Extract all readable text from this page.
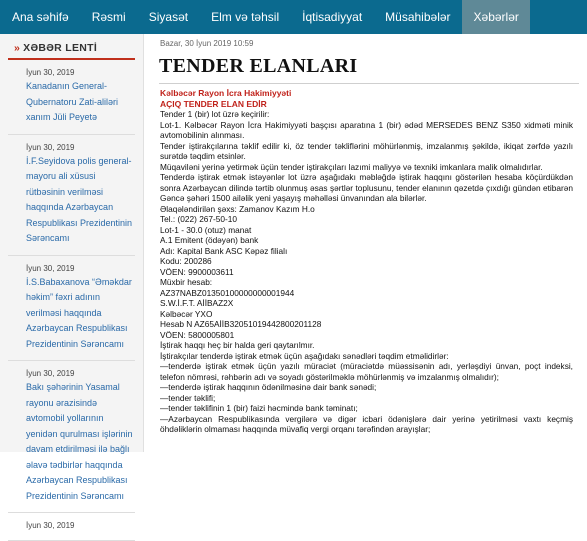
Ana səhifə	Rəsmi	Siyasət	Elm və təhsil	İqtisadiyyat	Müsahibələr	Xəbərlər
» XƏBƏR LENTİ
İyun 30, 2019
Kanadanın General-Qubernatoru Zati-aliləri xanım Jüli Peyetə
İyun 30, 2019
İ.F.Seyidova polis general-mayoru ali xüsusi rütbəsinin verilməsi haqqında Azərbaycan Respublikası Prezidentinin Sərəncamı
İyun 30, 2019
İ.S.Babaxanova “Əməkdar həkim” fəxri adının verilməsi haqqında Azərbaycan Respublikası Prezidentinin Sərəncamı
İyun 30, 2019
Bakı şəhərinin Yasamal rayonu ərazisində avtomobil yollarının yenidən qurulması işlərinin davam etdirilməsi ilə bağlı əlavə tədbirlər haqqında Azərbaycan Respublikası Prezidentinin Sərəncamı
İyun 30, 2019
Bazar, 30 İyun 2019 10:59
TENDER ELANLARI

Kəlbəcər Rayon İcra Hakimiyyəti

AÇIQ TENDER ELAN EDİR

Tender 1 (bir) lot üzrə keçirilir:

Lot-1. Kəlbəcər Rayon İcra Hakimiyyəti başçısı aparatına 1 (bir) ədəd MERSEDES BENZ S350 xidməti minik avtomobilinin alınması.

Tender iştirakçılarına təklif edilir ki, öz tender təkliflərini möhürlənmiş, imzalanmış şəkildə, ikiqat zərfdə yazılı surətdə təqdim etsinlər.

Müqaviləni yerinə yetirmək üçün tender iştirakçıları lazımi maliyyə və texniki imkanlara malik olmalıdırlar.

Tenderdə iştirak etmək istəyənlər lot üzrə aşağıdakı məbləğdə iştirak haqqını göstərilən hesaba köçürdükdən sonra Azərbaycan dilində tərtib olunmuş əsas şərtlər toplusunu, tender elanının qəzetdə çıxdığı gündən etibarən Gəncə şəhəri 1500 ailəlik yeni yaşayış məhəlləsi ünvanından ala bilərlər.

Əlaqələndirilən şəxs: Zamanov Kazım H.o

Tel.: (022) 267-50-10

Lot-1 - 30.0 (otuz) manat

A.1 Emitent (ödəyən) bank

Adı: Kapital Bank ASC Kəpəz filialı

Kodu: 200286

VÖEN: 9900003611

Müxbir hesab:

AZ37NABZ01350100000000001944

S.W.İ.F.T. AİİBAZ2X

Kəlbəcər YXO

Hesab N AZ65AİİB32051019442800201128

VÖEN: 5800005801

İştirak haqqı heç bir halda geri qaytarılmır.

İştirakçılar tenderdə iştirak etmək üçün aşağıdakı sənədləri təqdim etməlidirlər:

—tenderdə iştirak etmək üçün yazılı müraciət (müraciətdə müəssisənin adı, yerləşdiyi ünvan, poçt indeksi, telefon nömrəsi, rəhbərin adı və soyadı göstərilməklə möhürlənmiş və imzalanmış olmalıdır);

—tenderdə iştirak haqqının ödənilməsinə dair bank sənədi;

—tender təklifi;

—tender təklifinin 1 (bir) faizi həcmində bank təminatı;

—Azərbaycan Respublikasında vergilərə və digər icbari ödənişlərə dair yerinə yetirilməsi vaxtı keçmiş öhdəliklərin olmaması haqqında müvafiq vergi orqanı tərəfindən arayışlar;
